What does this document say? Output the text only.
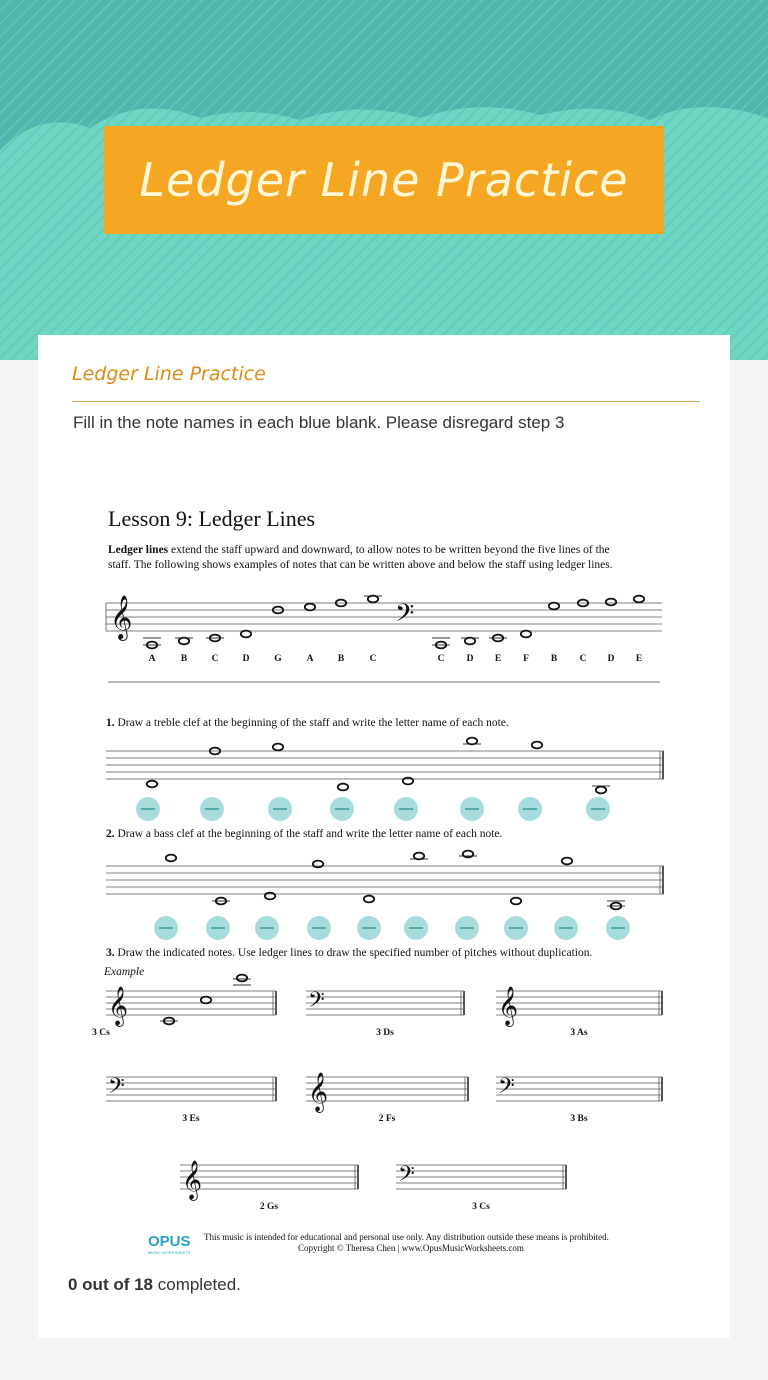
Ledger Line Practice
Ledger Line Practice
Fill in the note names in each blue blank. Please disregard step 3
Lesson 9: Ledger Lines
Ledger lines extend the staff upward and downward, to allow notes to be written beyond the five lines of the
staff. The following shows examples of notes that can be written above and below the staff using ledger lines.
𝄞	𝄢
A	B	C	D	G	A	B	C	C D E F B C D E
1. Draw a treble clef at the beginning of the staff and write the letter name of each note.
2. Draw a bass clef at the beginning of the staff and write the letter name of each note.
3. Draw the indicated notes. Use ledger lines to draw the specified number of pitches without duplication.
Example
𝄞
3 Cs
𝄢
3 Ds
𝄞
3 As
𝄢
3 Es
𝄞
2 Fs
𝄢
3 Bs
𝄞
2 Gs
𝄢
3 Cs
OPUS
MUSIC WORKSHEETS
This music is intended for educational and personal use only. Any distribution outside these means is prohibited.
Copyright © Theresa Chen | www.OpusMusicWorksheets.com
0 out of 18 completed.
